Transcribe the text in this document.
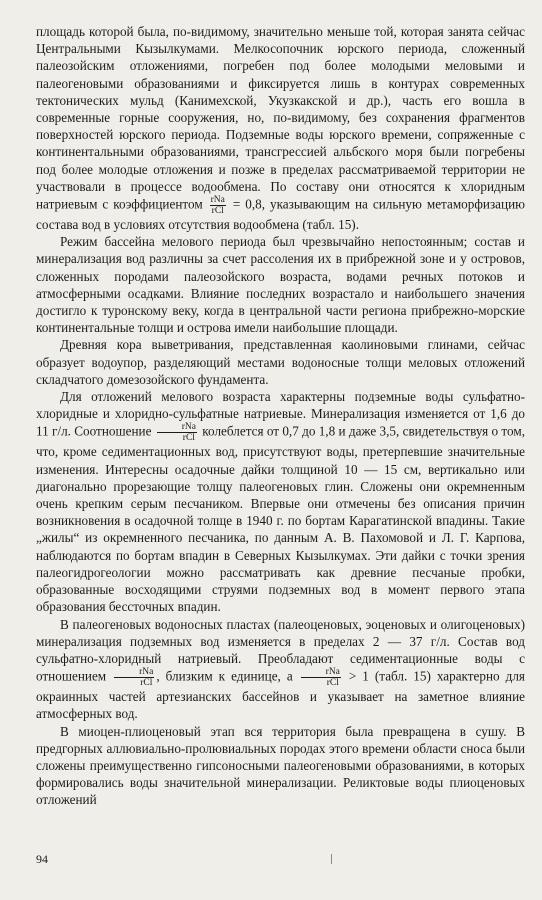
площадь которой была, по-видимому, значительно меньше той, которая занята сейчас Центральными Кызылкумами. Мелкосопочник юрского периода, сложенный палеозойским отложениями, погребен под более молодыми меловыми и палеогеновыми образованиями и фиксируется лишь в контурах современных тектонических мульд (Канимехской, Укузкакской и др.), часть его вошла в современные горные сооружения, но, по-видимому, без сохранения фрагментов поверхностей юрского периода. Подземные воды юрского времени, сопряженные с континентальными образованиями, трансгрессией альбского моря были погребены под более молодые отложения и позже в пределах рассматриваемой территории не участвовали в процессе водообмена. По составу они относятся к хлоридным натриевым с коэффициентом $\frac{\text{rNa}}{\text{rCl}} = 0,8$, указывающим на сильную метаморфизацию состава вод в условиях отсутствия водообмена (табл. 15).

Режим бассейна мелового периода был чрезвычайно непостоянным; состав и минерализация вод различны за счет рассоления их в прибрежной зоне и у островов, сложенных породами палеозойского возраста, водами речных потоков и атмосферными осадками. Влияние последних возрастало и наибольшего значения достигло к туронскому веку, когда в центральной части региона прибрежно-морские континентальные толщи и острова имели наибольшие площади.

Древняя кора выветривания, представленная каолиновыми глинами, сейчас образует водоупор, разделяющий местами водоносные толщи меловых отложений складчатого домезозойского фундамента.

Для отложений мелового возраста характерны подземные воды сульфатно-хлоридные и хлоридно-сульфатные натриевые. Минерализация изменяется от 1,6 до 11 г/л. Соотношение $\frac{\text{rNa}}{\text{rCl}}$ колеблется от 0,7 до 1,8 и даже 3,5, свидетельствуя о том, что, кроме седиментационных вод, присутствуют воды, претерпевшие значительные изменения. Интересны осадочные дайки толщиной 10 — 15 см, вертикально или диагонально прорезающие толщу палеогеновых глин. Сложены они окремненным очень крепким серым песчаником. Впервые они отмечены без описания причин возникновения в осадочной толще в 1940 г. по бортам Карагатинской впадины. Такие „жилы“ из окремненного песчаника, по данным А. В. Пахомовой и Л. Г. Карпова, наблюдаются по бортам впадин в Северных Кызылкумах. Эти дайки с точки зрения палеогидрогеологии можно рассматривать как древние песчаные пробки, образованные восходящими струями подземных вод в момент первого этапа образования бессточных впадин.

В палеогеновых водоносных пластах (палеоценовых, эоценовых и олигоценовых) минерализация подземных вод изменяется в пределах 2 — 37 г/л. Состав вод сульфатно-хлоридный натриевый. Преобладают седиментационные воды с отношением $\frac{\text{rNa}}{\text{rCl}}$ , близким к единице, а $\frac{\text{rNa}}{\text{rCl}} > 1$ (табл. 15) характерно для окраинных частей артезианских бассейнов и указывает на заметное влияние атмосферных вод.

В миоцен-плиоценовый этап вся территория была превращена в сушу. В предгорных аллювиально-пролювиальных породах этого времени области сноса были сложены преимущественно гипсоносными палеогеновыми образованиями, в которых формировались воды значительной минерализации. Реликтовые воды плиоценовых отложений

94
